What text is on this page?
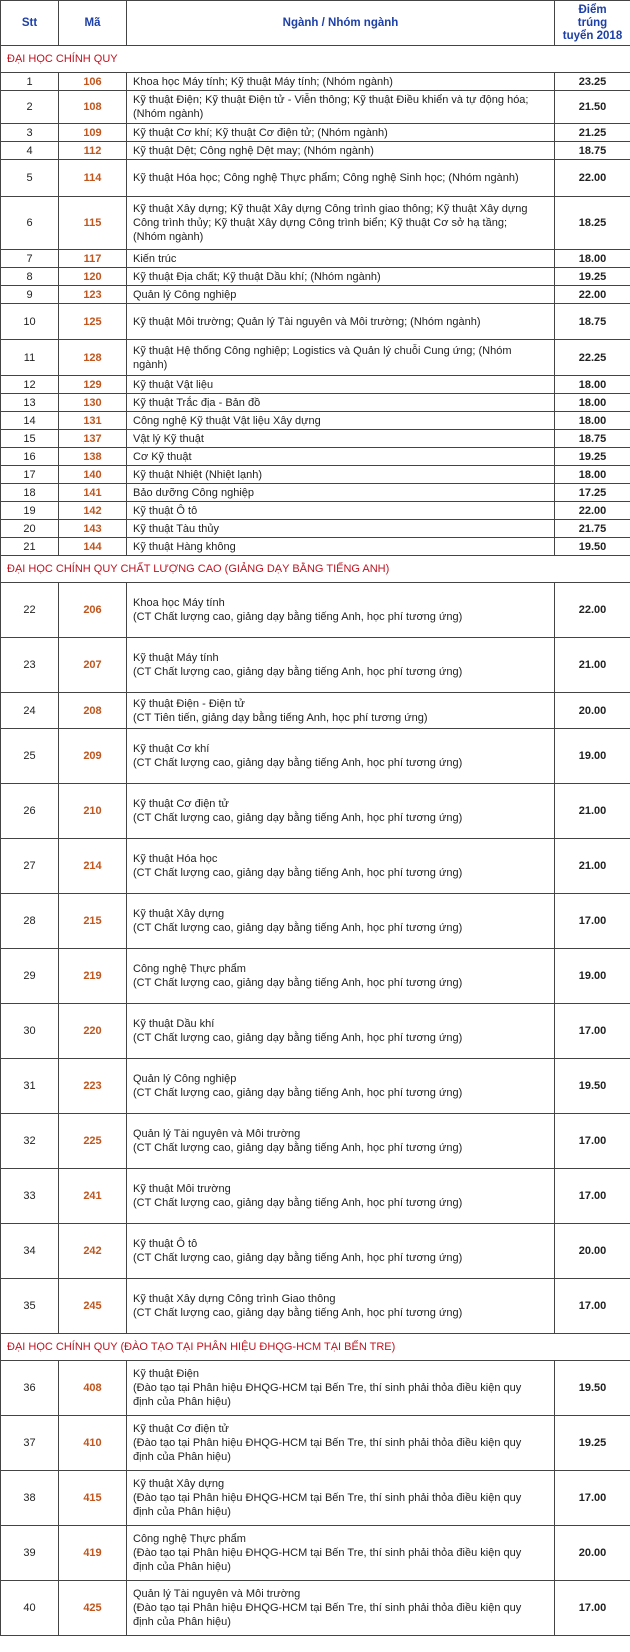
Stt	Mã	Ngành / Nhóm ngành	Điểm
trúng
tuyển 2018

ĐẠI HỌC CHÍNH QUY			
1	106	Khoa học Máy tính; Kỹ thuật Máy tính; (Nhóm ngành)	23.25
2	108	Kỹ thuật Điện; Kỹ thuật Điện tử - Viễn thông; Kỹ thuật Điều khiển và tự động hóa;
(Nhóm ngành)	21.50
3	109	Kỹ thuật Cơ khí; Kỹ thuật Cơ điện tử; (Nhóm ngành)	21.25
4	112	Kỹ thuật Dệt; Công nghệ Dệt may; (Nhóm ngành)	18.75
5	114	Kỹ thuật Hóa học; Công nghệ Thực phẩm; Công nghệ Sinh học; (Nhóm ngành)	22.00
6	115	Kỹ thuật Xây dựng; Kỹ thuật Xây dựng Công trình giao thông; Kỹ thuật Xây dựng
Công trình thủy; Kỹ thuật Xây dựng Công trình biển; Kỹ thuật Cơ sở hạ tầng;
(Nhóm ngành)	18.25
7	117	Kiến trúc	18.00
8	120	Kỹ thuật Địa chất; Kỹ thuật Dầu khí; (Nhóm ngành)	19.25
9	123	Quản lý Công nghiệp	22.00
10	125	Kỹ thuật Môi trường; Quản lý Tài nguyên và Môi trường; (Nhóm ngành)	18.75
11	128	Kỹ thuật Hệ thống Công nghiệp; Logistics và Quản lý chuỗi Cung ứng; (Nhóm
ngành)	22.25
12	129	Kỹ thuật Vật liệu	18.00
13	130	Kỹ thuật Trắc địa - Bản đồ	18.00
14	131	Công nghệ Kỹ thuật Vật liệu Xây dựng	18.00
15	137	Vật lý Kỹ thuật	18.75
16	138	Cơ Kỹ thuật	19.25
17	140	Kỹ thuật Nhiệt (Nhiệt lạnh)	18.00
18	141	Bảo dưỡng Công nghiệp	17.25
19	142	Kỹ thuật Ô tô	22.00
20	143	Kỹ thuật Tàu thủy	21.75
21	144	Kỹ thuật Hàng không	19.50
ĐẠI HỌC CHÍNH QUY CHẤT LƯỢNG CAO (GIẢNG DẠY BẰNG TIẾNG ANH)			
22	206	Khoa học Máy tính
(CT Chất lượng cao, giảng dạy bằng tiếng Anh, học phí tương ứng)	22.00
23	207	Kỹ thuật Máy tính
(CT Chất lượng cao, giảng dạy bằng tiếng Anh, học phí tương ứng)	21.00
24	208	Kỹ thuật Điện - Điện tử
(CT Tiên tiến, giảng dạy bằng tiếng Anh, học phí tương ứng)	20.00
25	209	Kỹ thuật Cơ khí
(CT Chất lượng cao, giảng dạy bằng tiếng Anh, học phí tương ứng)	19.00
26	210	Kỹ thuật Cơ điện tử
(CT Chất lượng cao, giảng dạy bằng tiếng Anh, học phí tương ứng)	21.00
27	214	Kỹ thuật Hóa học
(CT Chất lượng cao, giảng dạy bằng tiếng Anh, học phí tương ứng)	21.00
28	215	Kỹ thuật Xây dựng
(CT Chất lượng cao, giảng dạy bằng tiếng Anh, học phí tương ứng)	17.00
29	219	Công nghệ Thực phẩm
(CT Chất lượng cao, giảng dạy bằng tiếng Anh, học phí tương ứng)	19.00
30	220	Kỹ thuật Dầu khí
(CT Chất lượng cao, giảng dạy bằng tiếng Anh, học phí tương ứng)	17.00
31	223	Quản lý Công nghiệp
(CT Chất lượng cao, giảng dạy bằng tiếng Anh, học phí tương ứng)	19.50
32	225	Quản lý Tài nguyên và Môi trường
(CT Chất lượng cao, giảng dạy bằng tiếng Anh, học phí tương ứng)	17.00
33	241	Kỹ thuật Môi trường
(CT Chất lượng cao, giảng dạy bằng tiếng Anh, học phí tương ứng)	17.00
34	242	Kỹ thuật Ô tô
(CT Chất lượng cao, giảng dạy bằng tiếng Anh, học phí tương ứng)	20.00
35	245	Kỹ thuật Xây dựng Công trình Giao thông
(CT Chất lượng cao, giảng dạy bằng tiếng Anh, học phí tương ứng)	17.00
ĐẠI HỌC CHÍNH QUY (ĐÀO TẠO TẠI PHÂN HIỆU ĐHQG-HCM TẠI BẾN TRE)			
36	408	Kỹ thuật Điện
(Đào tạo tại Phân hiệu ĐHQG-HCM tại Bến Tre, thí sinh phải thỏa điều kiện quy
định của Phân hiệu)	19.50
37	410	Kỹ thuật Cơ điện tử
(Đào tạo tại Phân hiệu ĐHQG-HCM tại Bến Tre, thí sinh phải thỏa điều kiện quy
định của Phân hiệu)	19.25
38	415	Kỹ thuật Xây dựng
(Đào tạo tại Phân hiệu ĐHQG-HCM tại Bến Tre, thí sinh phải thỏa điều kiện quy
định của Phân hiệu)	17.00
39	419	Công nghệ Thực phẩm
(Đào tạo tại Phân hiệu ĐHQG-HCM tại Bến Tre, thí sinh phải thỏa điều kiện quy
định của Phân hiệu)	20.00
40	425	Quản lý Tài nguyên và Môi trường
(Đào tạo tại Phân hiệu ĐHQG-HCM tại Bến Tre, thí sinh phải thỏa điều kiện quy
định của Phân hiệu)	17.00
